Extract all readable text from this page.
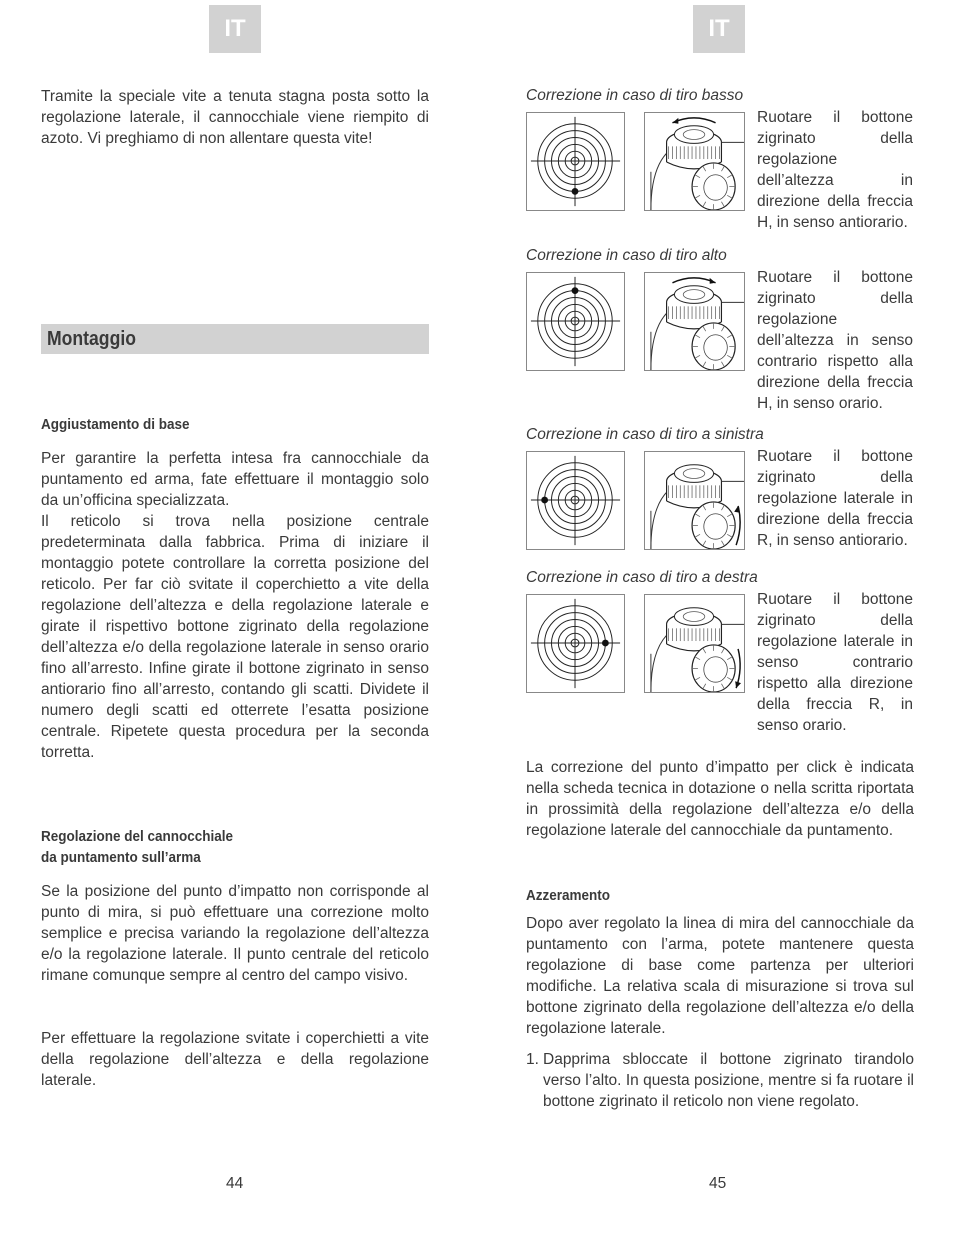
IT	IT
Tramite la speciale vite a tenuta stagna posta sotto la regolazione laterale, il cannocchiale viene riempito di azoto. Vi preghiamo di non allentare questa vite!
Montaggio
Aggiustamento di base
Per garantire la perfetta intesa fra cannocchiale da puntamento ed arma, fate effettuare il montaggio solo da un’officina specializzata.
Il reticolo si trova nella posizione centrale predeterminata dalla fabbrica. Prima di iniziare il montaggio potete controllare la corretta posizione del reticolo. Per far ciò svitate il coperchietto a vite della regolazione dell’altezza e della regolazione laterale e girate il rispettivo bottone zigrinato della regolazione dell’altezza e/o della regolazione laterale in senso orario fino all’arresto. Infine girate il bottone zigrinato in senso antiorario fino all’arresto, contando gli scatti. Dividete il numero degli scatti ed otterrete l’esatta posizione centrale. Ripetete questa procedura per la seconda torretta.
Regolazione del cannocchiale
da puntamento sull’arma
Se la posizione del punto d’impatto non corrisponde al punto di mira, si può effettuare una correzione molto semplice e precisa variando la regolazione dell’altezza e/o la regolazione laterale. Il punto centrale del reticolo rimane comunque sempre al centro del campo visivo.
Per effettuare la regolazione svitate i coperchietti a vite della regolazione dell’altezza e della regolazione laterale.
44
Correzione in caso di tiro basso
Ruotare il bottone zigrinato della regolazione dell’altezza in direzione della freccia H, in senso antiorario.
Correzione in caso di tiro alto
Ruotare il bottone zigrinato della regolazione dell’altezza in senso contrario rispetto alla direzione della freccia H, in senso orario.
Correzione in caso di tiro a sinistra
Ruotare il bottone zigrinato della regolazione laterale in direzione della freccia R, in senso antiorario.
Correzione in caso di tiro a destra
Ruotare il bottone zigrinato della regolazione laterale in senso contrario rispetto alla direzione della freccia R, in senso orario.
La correzione del punto d’impatto per click è indicata nella scheda tecnica in dotazione o nella scritta riportata in prossimità della regolazione dell’altezza e/o della regolazione laterale del cannocchiale da puntamento.
Azzeramento
Dopo aver regolato la linea di mira del cannocchiale da puntamento con l’arma, potete mantenere questa regolazione di base come partenza per ulteriori modifiche. La relativa scala di misurazione si trova sul bottone zigrinato della regolazione dell’altezza e/o della regolazione laterale.
1. Dapprima sbloccate il bottone zigrinato tirandolo verso l’alto. In questa posizione, mentre si fa ruotare il bottone zigrinato il reticolo non viene regolato.
45
